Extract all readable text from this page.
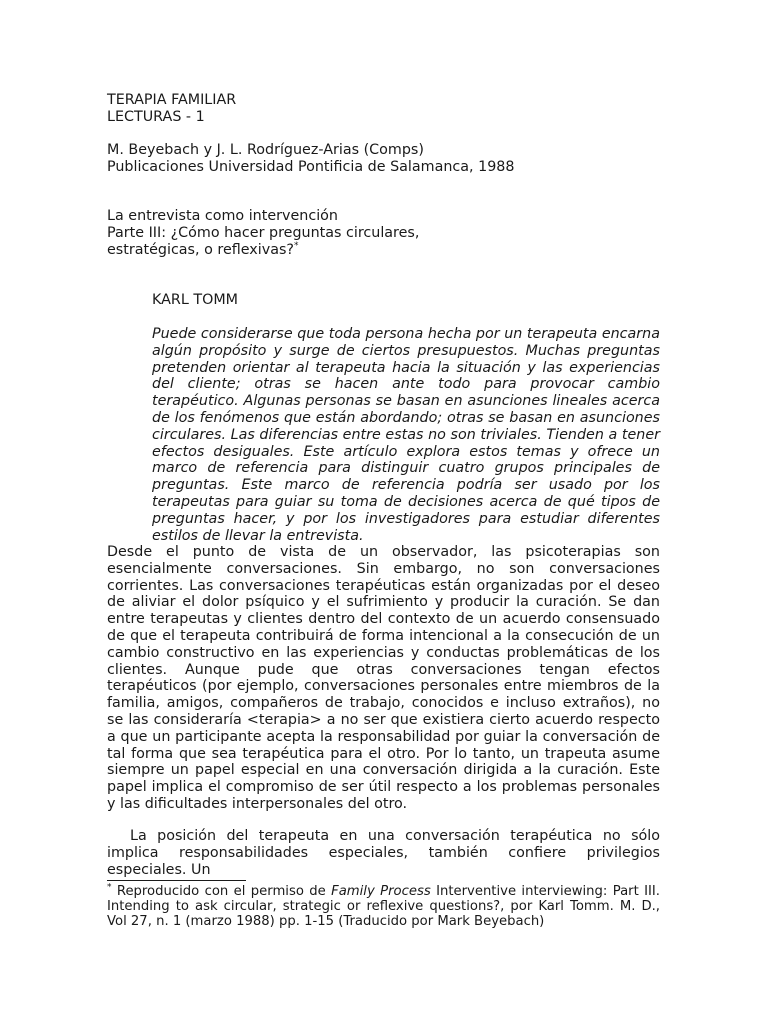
TERAPIA FAMILIAR
LECTURAS - 1
M. Beyebach y J. L. Rodríguez-Arias (Comps)
Publicaciones Universidad Pontificia de Salamanca, 1988
La entrevista como intervención
Parte III: ¿Cómo hacer preguntas circulares,
estratégicas, o reflexivas?*
KARL TOMM

Puede considerarse que toda persona hecha por un terapeuta encarna algún propósito y surge de ciertos presupuestos. Muchas preguntas pretenden orientar al terapeuta hacia la situación y las experiencias del cliente; otras se hacen ante todo para provocar cambio terapéutico. Algunas personas se basan en asunciones lineales acerca de los fenómenos que están abordando; otras se basan en asunciones circulares. Las diferencias entre estas no son triviales. Tienden a tener efectos desiguales. Este artículo explora estos temas y ofrece un marco de referencia para distinguir cuatro grupos principales de preguntas. Este marco de referencia podría ser usado por los terapeutas para guiar su toma de decisiones acerca de qué tipos de preguntas hacer, y por los investigadores para estudiar diferentes estilos de llevar la entrevista.

Desde el punto de vista de un observador, las psicoterapias son esencialmente conversaciones. Sin embargo, no son conversaciones corrientes. Las conversaciones terapéuticas están organizadas por el deseo de aliviar el dolor psíquico y el sufrimiento y producir la curación. Se dan entre terapeutas y clientes dentro del contexto de un acuerdo consensuado de que el terapeuta contribuirá de forma intencional a la consecución de un cambio constructivo en las experiencias y conductas problemáticas de los clientes. Aunque pude que otras conversaciones tengan efectos terapéuticos (por ejemplo, conversaciones personales entre miembros de la familia, amigos, compañeros de trabajo, conocidos e incluso extraños), no se las consideraría <terapia> a no ser que existiera cierto acuerdo respecto a que un participante acepta la responsabilidad por guiar la conversación de tal forma que sea terapéutica para el otro. Por lo tanto, un trapeuta asume siempre un papel especial en una conversación dirigida a la curación. Este papel implica el compromiso de ser útil respecto a los problemas personales y las dificultades interpersonales del otro.

La posición del terapeuta en una conversación terapéutica no sólo implica responsabilidades especiales, también confiere privilegios especiales. Un

* Reproducido con el permiso de Family Process Interventive interviewing: Part III. Intending to ask circular, strategic or reflexive questions?, por Karl Tomm. M. D., Vol 27, n. 1 (marzo 1988) pp. 1-15 (Traducido por Mark Beyebach)
